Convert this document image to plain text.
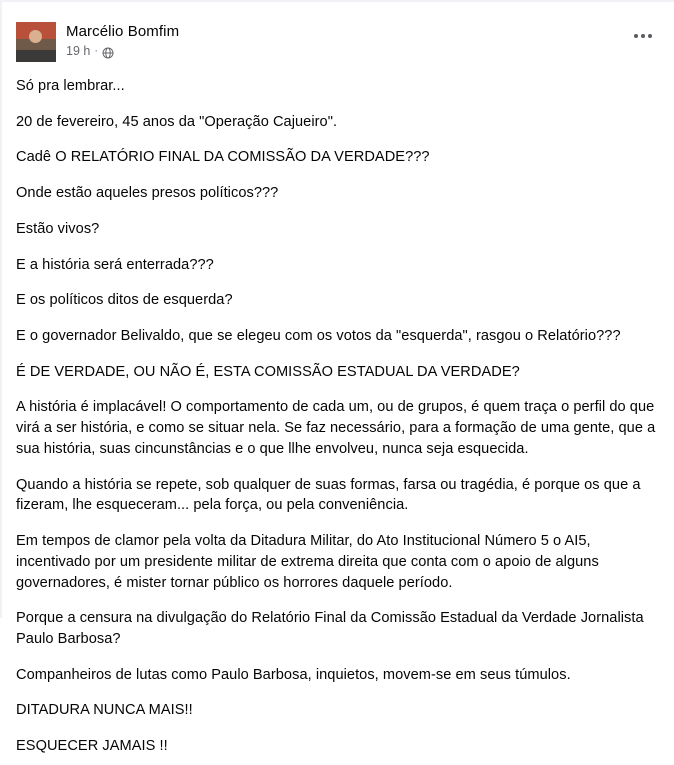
Marcélio Bomfim
19 h ·

Só pra lembrar...

20 de fevereiro, 45 anos da "Operação Cajueiro".

Cadê O RELATÓRIO FINAL DA COMISSÃO DA VERDADE???

Onde estão aqueles presos políticos???

Estão vivos?

E a história será enterrada???

E os políticos ditos de esquerda?

E o governador Belivaldo, que se elegeu com os votos da "esquerda", rasgou o Relatório???

É DE VERDADE, OU NÃO É, ESTA COMISSÃO ESTADUAL DA VERDADE?

A história é implacável! O comportamento de cada um, ou de grupos, é quem traça o perfil do que virá a ser história, e como se situar nela. Se faz necessário, para a formação de uma gente, que a sua história, suas cincunstâncias e o que llhe envolveu, nunca seja esquecida.

Quando a história se repete, sob qualquer de suas formas, farsa ou tragédia, é porque os que a fizeram, lhe esqueceram... pela força, ou pela conveniência.

Em tempos de clamor pela volta da Ditadura Militar, do Ato Institucional Número 5 o AI5, incentivado por um presidente militar de extrema direita que conta com o apoio de alguns governadores, é mister tornar público os horrores daquele período.

Porque a censura na divulgação do Relatório Final da Comissão Estadual da Verdade Jornalista Paulo Barbosa?

Companheiros de lutas como Paulo Barbosa, inquietos, movem-se em seus túmulos.

DITADURA NUNCA MAIS!!

ESQUECER JAMAIS !!
